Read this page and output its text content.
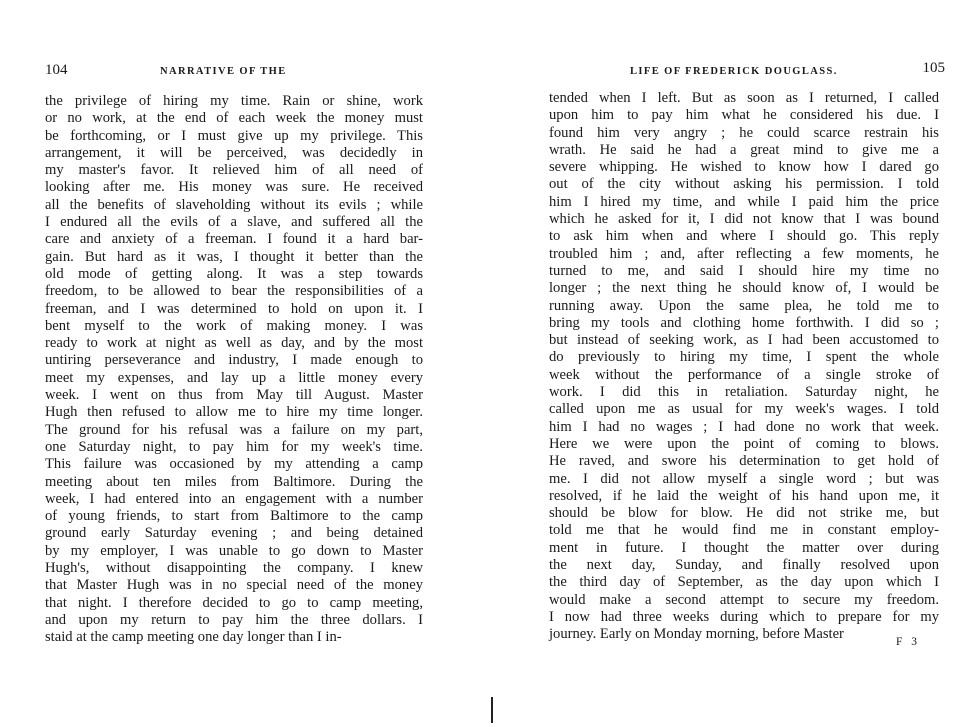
104	NARRATIVE OF THE
the privilege of hiring my time. Rain or shine, work
or no work, at the end of each week the money must
be forthcoming, or I must give up my privilege. This
arrangement, it will be perceived, was decidedly in
my master's favor. It relieved him of all need of
looking after me. His money was sure. He received
all the benefits of slaveholding without its evils ; while
I endured all the evils of a slave, and suffered all the
care and anxiety of a freeman. I found it a hard bar-
gain. But hard as it was, I thought it better than the
old mode of getting along. It was a step towards
freedom, to be allowed to bear the responsibilities of a
freeman, and I was determined to hold on upon it. I
bent myself to the work of making money. I was
ready to work at night as well as day, and by the most
untiring perseverance and industry, I made enough to
meet my expenses, and lay up a little money every
week. I went on thus from May till August. Master
Hugh then refused to allow me to hire my time longer.
The ground for his refusal was a failure on my part,
one Saturday night, to pay him for my week's time.
This failure was occasioned by my attending a camp
meeting about ten miles from Baltimore. During the
week, I had entered into an engagement with a number
of young friends, to start from Baltimore to the camp
ground early Saturday evening ; and being detained
by my employer, I was unable to go down to Master
Hugh's, without disappointing the company. I knew
that Master Hugh was in no special need of the money
that night. I therefore decided to go to camp meeting,
and upon my return to pay him the three dollars. I
staid at the camp meeting one day longer than I in-
LIFE OF FREDERICK DOUGLASS.	105
tended when I left. But as soon as I returned, I called
upon him to pay him what he considered his due. I
found him very angry ; he could scarce restrain his
wrath. He said he had a great mind to give me a
severe whipping. He wished to know how I dared go
out of the city without asking his permission. I told
him I hired my time, and while I paid him the price
which he asked for it, I did not know that I was bound
to ask him when and where I should go. This reply
troubled him ; and, after reflecting a few moments, he
turned to me, and said I should hire my time no
longer ; the next thing he should know of, I would be
running away. Upon the same plea, he told me to
bring my tools and clothing home forthwith. I did so ;
but instead of seeking work, as I had been accustomed to
do previously to hiring my time, I spent the whole
week without the performance of a single stroke of
work. I did this in retaliation. Saturday night, he
called upon me as usual for my week's wages. I told
him I had no wages ; I had done no work that week.
Here we were upon the point of coming to blows.
He raved, and swore his determination to get hold of
me. I did not allow myself a single word ; but was
resolved, if he laid the weight of his hand upon me, it
should be blow for blow. He did not strike me, but
told me that he would find me in constant employ-
ment in future. I thought the matter over during
the next day, Sunday, and finally resolved upon
the third day of September, as the day upon which I
would make a second attempt to secure my freedom.
I now had three weeks during which to prepare for my
journey. Early on Monday morning, before Master	F 3
